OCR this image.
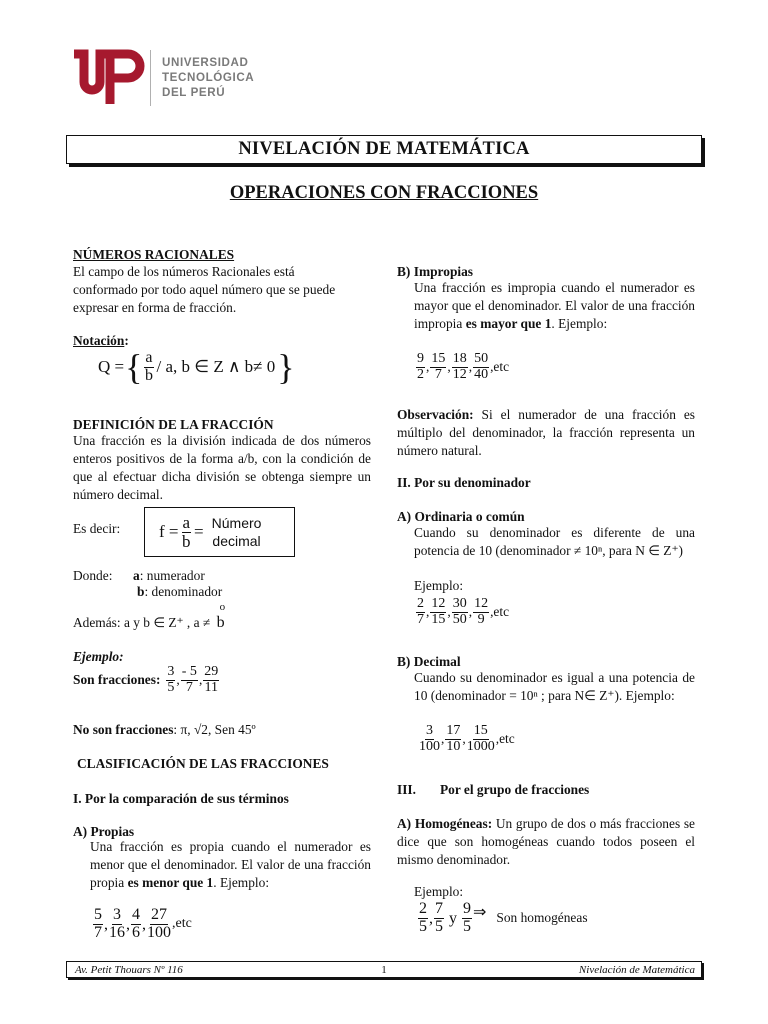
UNIVERSIDAD
TECNOLÓGICA
DEL PERÚ
NIVELACIÓN DE MATEMÁTICA
OPERACIONES CON FRACCIONES
NÚMEROS RACIONALES
El campo de los números Racionales está conformado por todo aquel número que se puede expresar en forma de fracción.
Notación:
Q = { $\frac{a}{b}$ / a, b ∈ Z ∧ b≠ 0 }
DEFINICIÓN DE LA FRACCIÓN
Una fracción es la división indicada de dos números enteros positivos de la forma a/b, con la condición de que al efectuar dicha división se obtenga siempre un número decimal.
Es decir: $f = \frac{a}{b}$ = Número
decimal
Donde: a: numerador
b: denominador
Además: a y b ∈ Z⁺ , a ≠
o
b
Ejemplo:
Son fracciones: $\frac{3}{5}$ , $\frac{- 5}{7}$ , $\frac{29}{11}$
No son fracciones: π, √2, Sen 45º
CLASIFICACIÓN DE LAS FRACCIONES
I. Por la comparación de sus términos
A) Propias
Una fracción es propia cuando el numerador es menor que el denominador. El valor de una fracción propia es menor que 1. Ejemplo:
$\frac{5}{7}$ , $\frac{3}{16}$ , $\frac{4}{6}$ , $\frac{27}{100} ,etc$
B) Impropias
Una fracción es impropia cuando el numerador es mayor que el denominador. El valor de una fracción impropia es mayor que 1. Ejemplo:
$\frac{9}{2}$ , $\frac{15}{7}$ , $\frac{18}{12}$ , $\frac{50}{40} ,etc$
Observación: Si el numerador de una fracción es múltiplo del denominador, la fracción representa un número natural.
II. Por su denominador
A) Ordinaria o común
Cuando su denominador es diferente de una potencia de 10 (denominador ≠ 10ⁿ, para N ∈ Z⁺)
Ejemplo:
$\frac{2}{7}$ , $\frac{12}{15}$ , $\frac{30}{50}$ , $\frac{12}{9} ,etc$
B) Decimal
Cuando su denominador es igual a una potencia de 10 (denominador = 10ⁿ ; para N∈ Z⁺). Ejemplo:
$\frac{3}{100}$ , $\frac{17}{10}$ , $\frac{15}{1000} ,etc$
III. Por el grupo de fracciones
A) Homogéneas: Un grupo de dos o más fracciones se dice que son homogéneas cuando todos poseen el mismo denominador.
Ejemplo:
$\frac{2}{5}$ , $\frac{7}{5}$ y $\frac{9}{5}$ ⇒ Son homogéneas
Av. Petit Thouars Nº 116	1	Nivelación de Matemática
